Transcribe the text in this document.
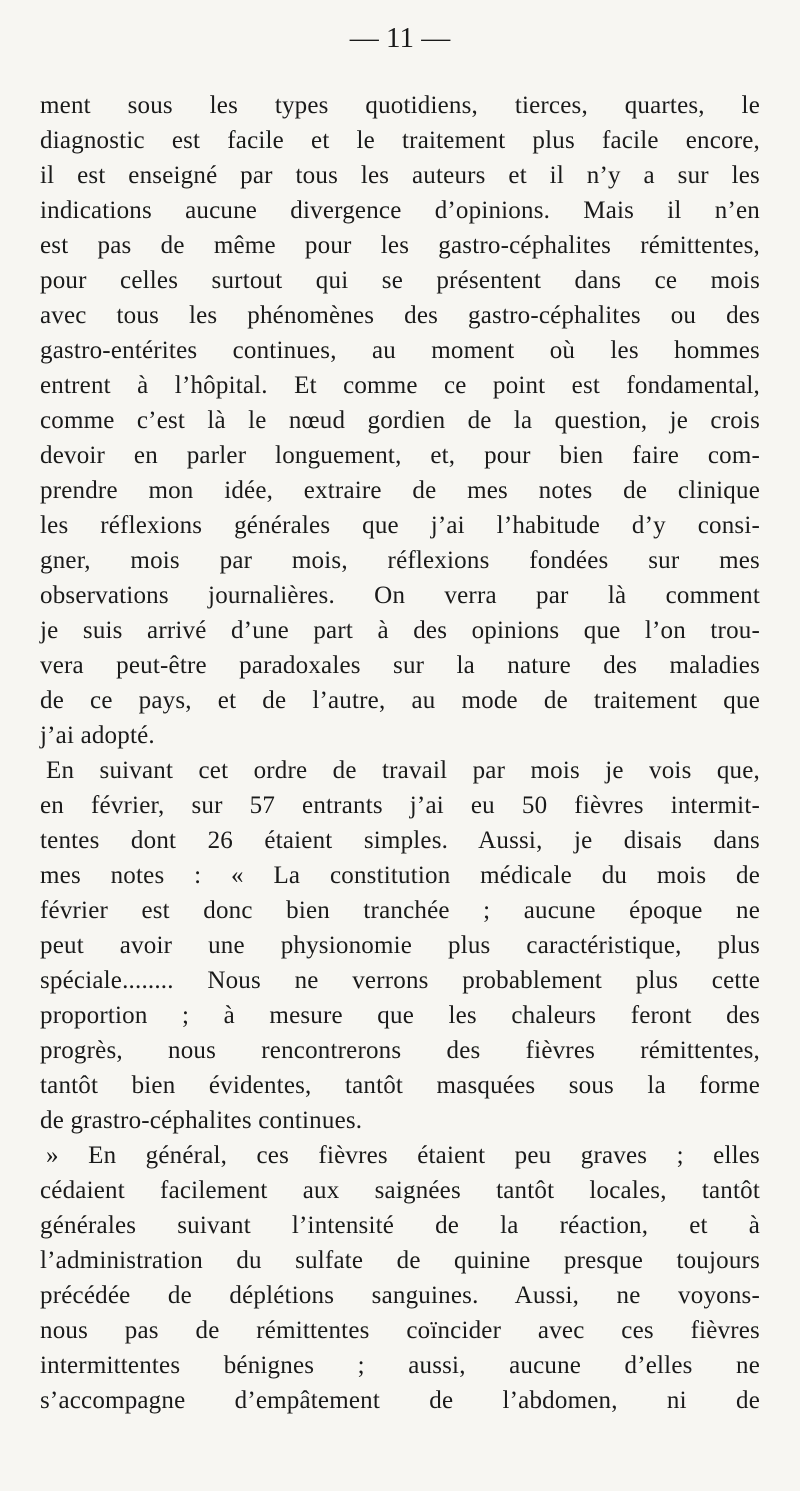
— 11 —
ment sous les types quotidiens, tierces, quartes, le
diagnostic est facile et le traitement plus facile encore,
il est enseigné par tous les auteurs et il n’y a sur les
indications aucune divergence d’opinions. Mais il n’en
est pas de même pour les gastro-céphalites rémittentes,
pour celles surtout qui se présentent dans ce mois
avec tous les phénomènes des gastro-céphalites ou des
gastro-entérites continues, au moment où les hommes
entrent à l’hôpital. Et comme ce point est fondamental,
comme c’est là le nœud gordien de la question, je crois
devoir en parler longuement, et, pour bien faire com-
prendre mon idée, extraire de mes notes de clinique
les réflexions générales que j’ai l’habitude d’y consi-
gner, mois par mois, réflexions fondées sur mes
observations journalières. On verra par là comment
je suis arrivé d’une part à des opinions que l’on trou-
vera peut-être paradoxales sur la nature des maladies
de ce pays, et de l’autre, au mode de traitement que
j’ai adopté.
En suivant cet ordre de travail par mois je vois que,
en février, sur 57 entrants j’ai eu 50 fièvres intermit-
tentes dont 26 étaient simples. Aussi, je disais dans
mes notes : « La constitution médicale du mois de
février est donc bien tranchée ; aucune époque ne
peut avoir une physionomie plus caractéristique, plus
spéciale........ Nous ne verrons probablement plus cette
proportion ; à mesure que les chaleurs feront des
progrès, nous rencontrerons des fièvres rémittentes,
tantôt bien évidentes, tantôt masquées sous la forme
de grastro-céphalites continues.
» En général, ces fièvres étaient peu graves ; elles
cédaient facilement aux saignées tantôt locales, tantôt
générales suivant l’intensité de la réaction, et à
l’administration du sulfate de quinine presque toujours
précédée de déplétions sanguines. Aussi, ne voyons-
nous pas de rémittentes coïncider avec ces fièvres
intermittentes bénignes ; aussi, aucune d’elles ne
s’accompagne d’empâtement de l’abdomen, ni de
